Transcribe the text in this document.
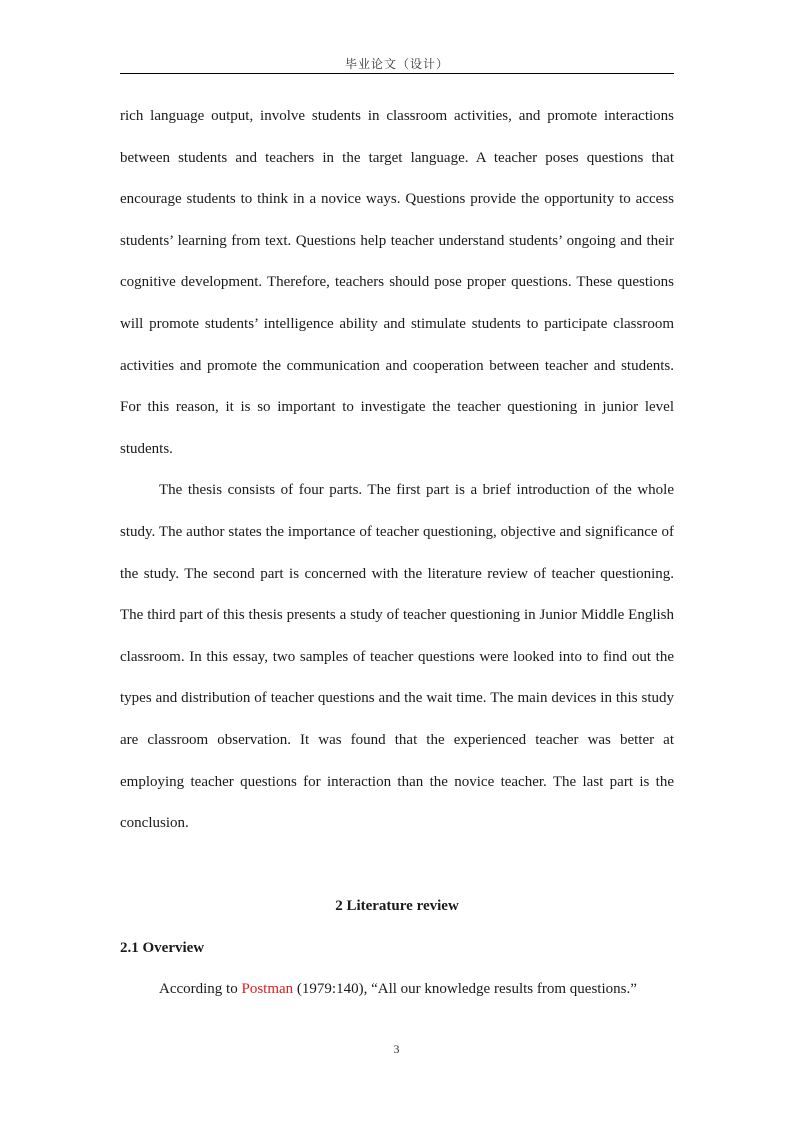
毕业论文（设计）

rich language output, involve students in classroom activities, and promote interactions between students and teachers in the target language. A teacher poses questions that encourage students to think in a novice ways. Questions provide the opportunity to access students’ learning from text. Questions help teacher understand students’ ongoing and their cognitive development. Therefore, teachers should pose proper questions. These questions will promote students’ intelligence ability and stimulate students to participate classroom activities and promote the communication and cooperation between teacher and students. For this reason, it is so important to investigate the teacher questioning in junior level students.

The thesis consists of four parts. The first part is a brief introduction of the whole study. The author states the importance of teacher questioning, objective and significance of the study. The second part is concerned with the literature review of teacher questioning. The third part of this thesis presents a study of teacher questioning in Junior Middle English classroom. In this essay, two samples of teacher questions were looked into to find out the types and distribution of teacher questions and the wait time. The main devices in this study are classroom observation. It was found that the experienced teacher was better at employing teacher questions for interaction than the novice teacher. The last part is the conclusion.

2 Literature review

2.1 Overview

According to Postman (1979:140), “All our knowledge results from questions.”

3
